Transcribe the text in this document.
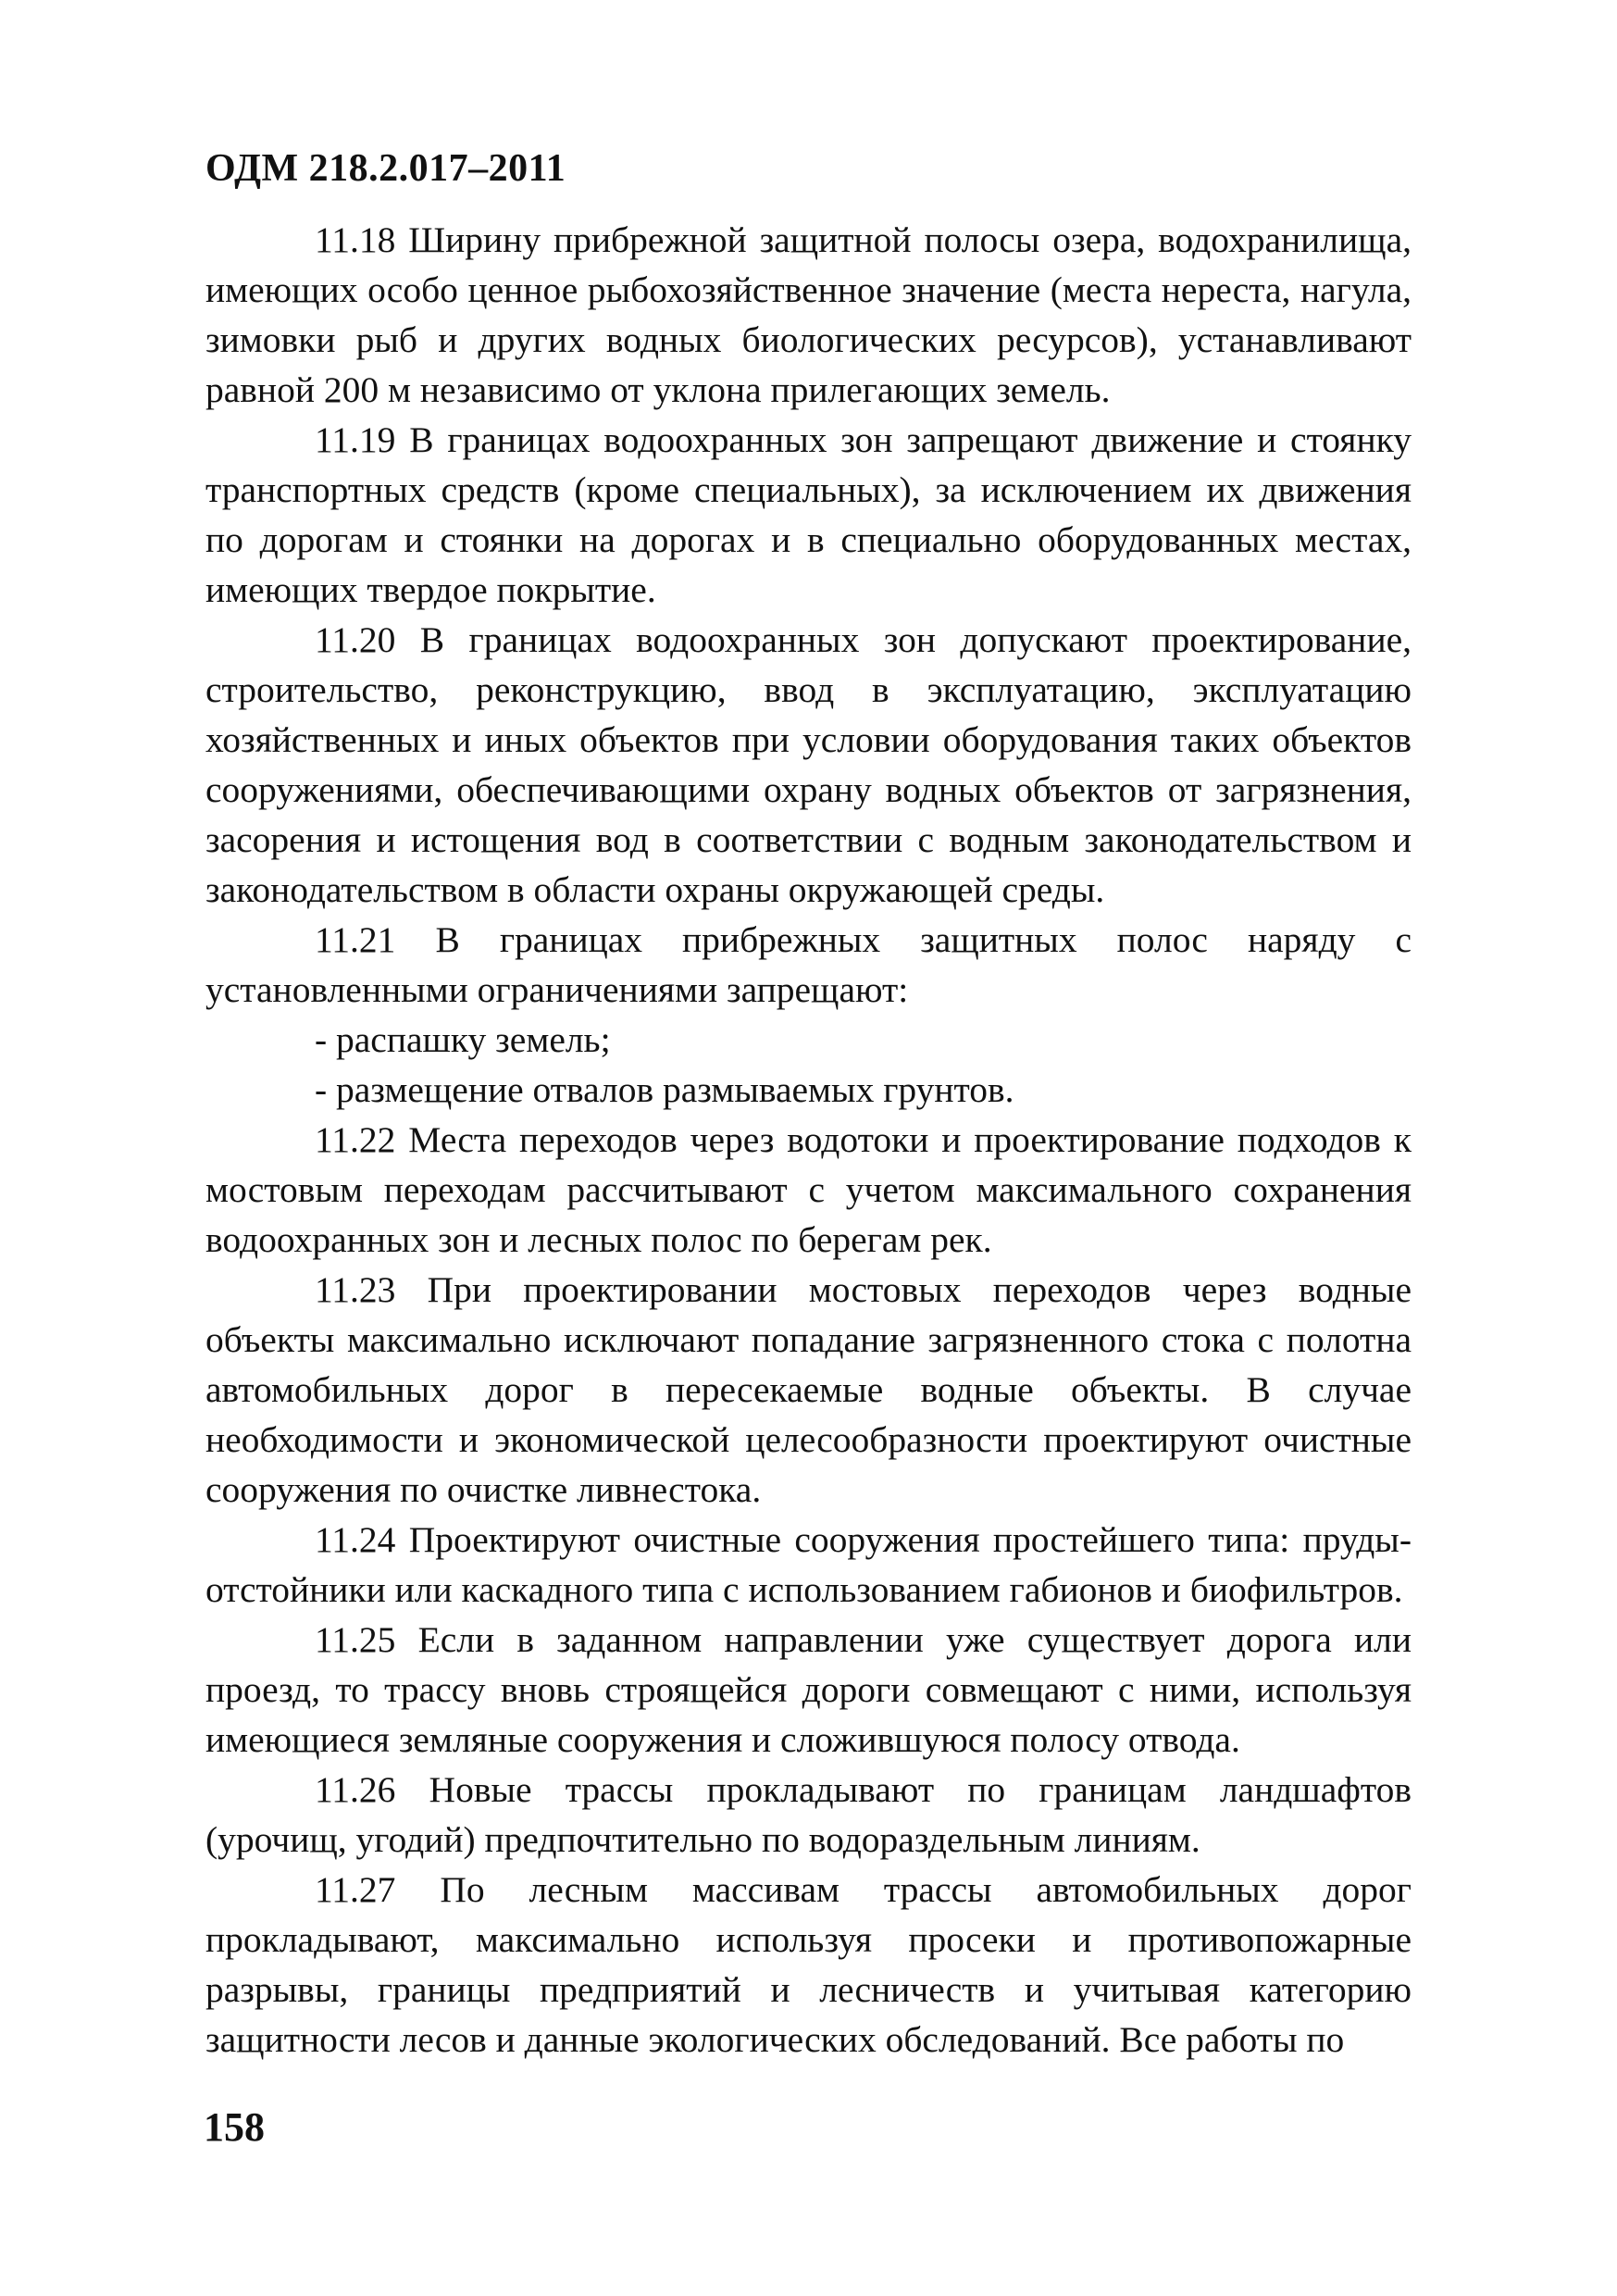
ОДМ 218.2.017–2011

11.18 Ширину прибрежной защитной полосы озера, водохранилища, имеющих особо ценное рыбохозяйственное значение (места нереста, нагула, зимовки рыб и других водных биологических ресурсов), устанавливают равной 200 м независимо от уклона прилегающих земель.

11.19 В границах водоохранных зон запрещают движение и стоянку транспортных средств (кроме специальных), за исключением их движения по дорогам и стоянки на дорогах и в специально оборудованных местах, имеющих твердое покрытие.

11.20 В границах водоохранных зон допускают проектирование, строительство, реконструкцию, ввод в эксплуатацию, эксплуатацию хозяйственных и иных объектов при условии оборудования таких объектов сооружениями, обеспечивающими охрану водных объектов от загрязнения, засорения и истощения вод в соответствии с водным законодательством и законодательством в области охраны окружающей среды.

11.21 В границах прибрежных защитных полос наряду с установленными ограничениями запрещают:

- распашку земель;

- размещение отвалов размываемых грунтов.

11.22 Места переходов через водотоки и проектирование подходов к мостовым переходам рассчитывают с учетом максимального сохранения водоохранных зон и лесных полос по берегам рек.

11.23 При проектировании мостовых переходов через водные объекты максимально исключают попадание загрязненного стока с полотна автомобильных дорог в пересекаемые водные объекты. В случае необходимости и экономической целесообразности проектируют очистные сооружения по очистке ливнестока.

11.24 Проектируют очистные сооружения простейшего типа: пруды-отстойники или каскадного типа с использованием габионов и биофильтров.

11.25 Если в заданном направлении уже существует дорога или проезд, то трассу вновь строящейся дороги совмещают с ними, используя имеющиеся земляные сооружения и сложившуюся полосу отвода.

11.26 Новые трассы прокладывают по границам ландшафтов (урочищ, угодий) предпочтительно по водораздельным линиям.

11.27 По лесным массивам трассы автомобильных дорог прокладывают, максимально используя просеки и противопожарные разрывы, границы предприятий и лесничеств и учитывая категорию защитности лесов и данные экологических обследований. Все работы по

158
